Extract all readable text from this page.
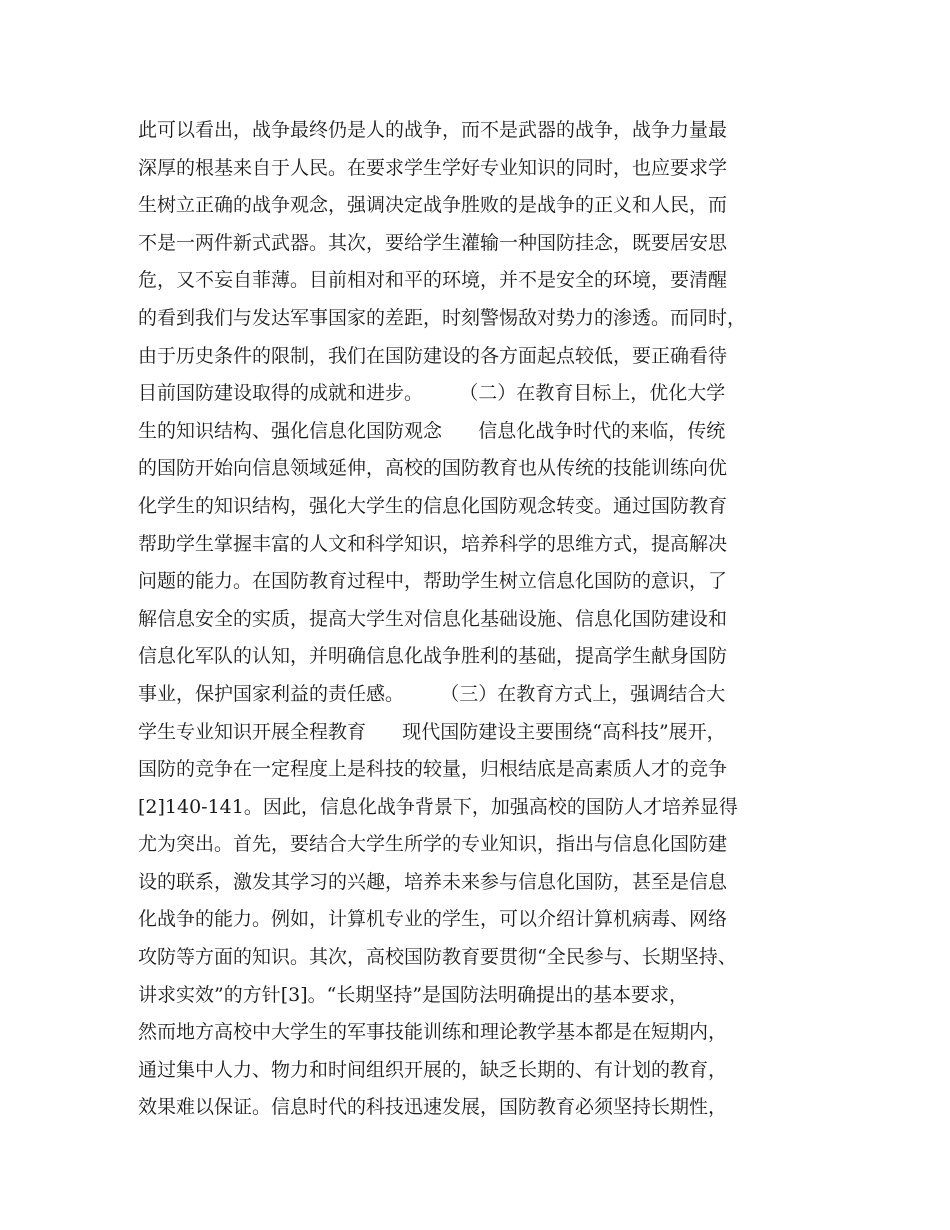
此可以看出，战争最终仍是人的战争，而不是武器的战争，战争力量最
深厚的根基来自于人民。在要求学生学好专业知识的同时，也应要求学
生树立正确的战争观念，强调决定战争胜败的是战争的正义和人民，而
不是一两件新式武器。其次，要给学生灌输一种国防挂念，既要居安思
危，又不妄自菲薄。目前相对和平的环境，并不是安全的环境，要清醒
的看到我们与发达军事国家的差距，时刻警惕敌对势力的渗透。而同时，
由于历史条件的限制，我们在国防建设的各方面起点较低，要正确看待
目前国防建设取得的成就和进步。      （二）在教育目标上，优化大学
生的知识结构、强化信息化国防观念      信息化战争时代的来临，传统
的国防开始向信息领域延伸，高校的国防教育也从传统的技能训练向优
化学生的知识结构，强化大学生的信息化国防观念转变。通过国防教育
帮助学生掌握丰富的人文和科学知识，培养科学的思维方式，提高解决
问题的能力。在国防教育过程中，帮助学生树立信息化国防的意识，了
解信息安全的实质，提高大学生对信息化基础设施、信息化国防建设和
信息化军队的认知，并明确信息化战争胜利的基础，提高学生献身国防
事业，保护国家利益的责任感。      （三）在教育方式上，强调结合大
学生专业知识开展全程教育      现代国防建设主要围绕“高科技”展开，
国防的竞争在一定程度上是科技的较量，归根结底是高素质人才的竞争
[2]140-141。因此，信息化战争背景下，加强高校的国防人才培养显得
尤为突出。首先，要结合大学生所学的专业知识，指出与信息化国防建
设的联系，激发其学习的兴趣，培养未来参与信息化国防，甚至是信息
化战争的能力。例如，计算机专业的学生，可以介绍计算机病毒、网络
攻防等方面的知识。其次，高校国防教育要贯彻“全民参与、长期坚持、
讲求实效”的方针[3]。“长期坚持”是国防法明确提出的基本要求，
然而地方高校中大学生的军事技能训练和理论教学基本都是在短期内，
通过集中人力、物力和时间组织开展的，缺乏长期的、有计划的教育，
效果难以保证。信息时代的科技迅速发展，国防教育必须坚持长期性，
